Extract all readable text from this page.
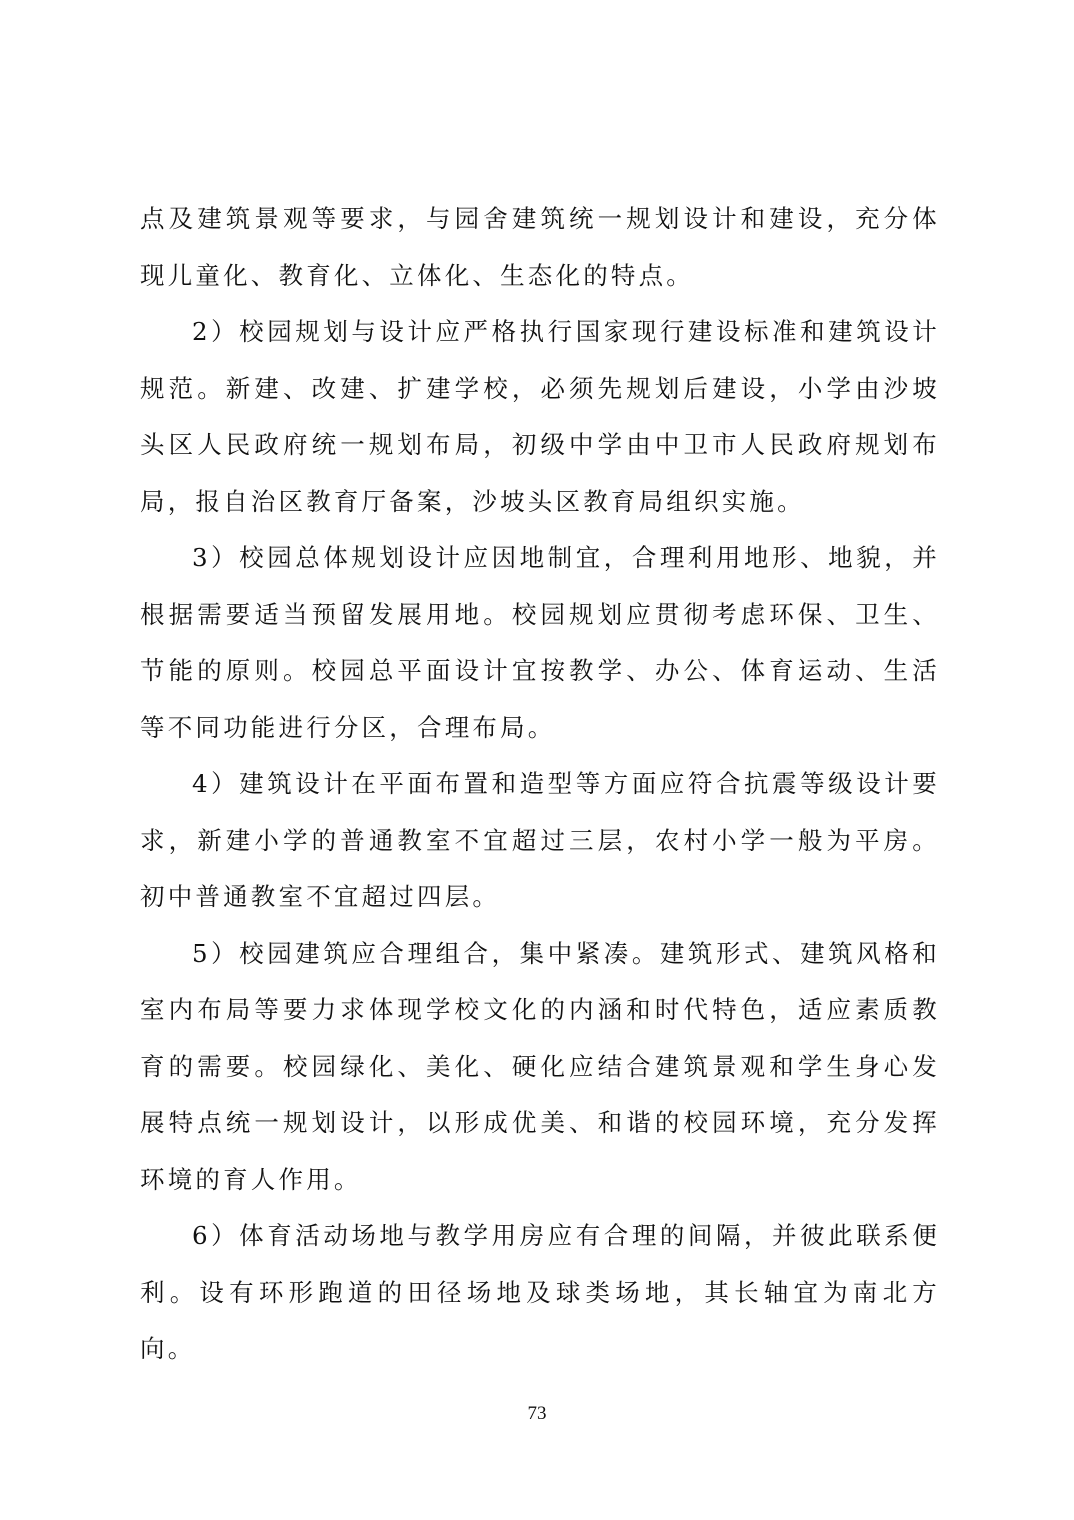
点及建筑景观等要求，与园舍建筑统一规划设计和建设，充分体现儿童化、教育化、立体化、生态化的特点。

2）校园规划与设计应严格执行国家现行建设标准和建筑设计规范。新建、改建、扩建学校，必须先规划后建设，小学由沙坡头区人民政府统一规划布局，初级中学由中卫市人民政府规划布局，报自治区教育厅备案，沙坡头区教育局组织实施。

3）校园总体规划设计应因地制宜，合理利用地形、地貌，并根据需要适当预留发展用地。校园规划应贯彻考虑环保、卫生、节能的原则。校园总平面设计宜按教学、办公、体育运动、生活等不同功能进行分区，合理布局。

4）建筑设计在平面布置和造型等方面应符合抗震等级设计要求，新建小学的普通教室不宜超过三层，农村小学一般为平房。初中普通教室不宜超过四层。

5）校园建筑应合理组合，集中紧凑。建筑形式、建筑风格和室内布局等要力求体现学校文化的内涵和时代特色，适应素质教育的需要。校园绿化、美化、硬化应结合建筑景观和学生身心发展特点统一规划设计，以形成优美、和谐的校园环境，充分发挥环境的育人作用。

6）体育活动场地与教学用房应有合理的间隔，并彼此联系便利。设有环形跑道的田径场地及球类场地，其长轴宜为南北方向。

73
